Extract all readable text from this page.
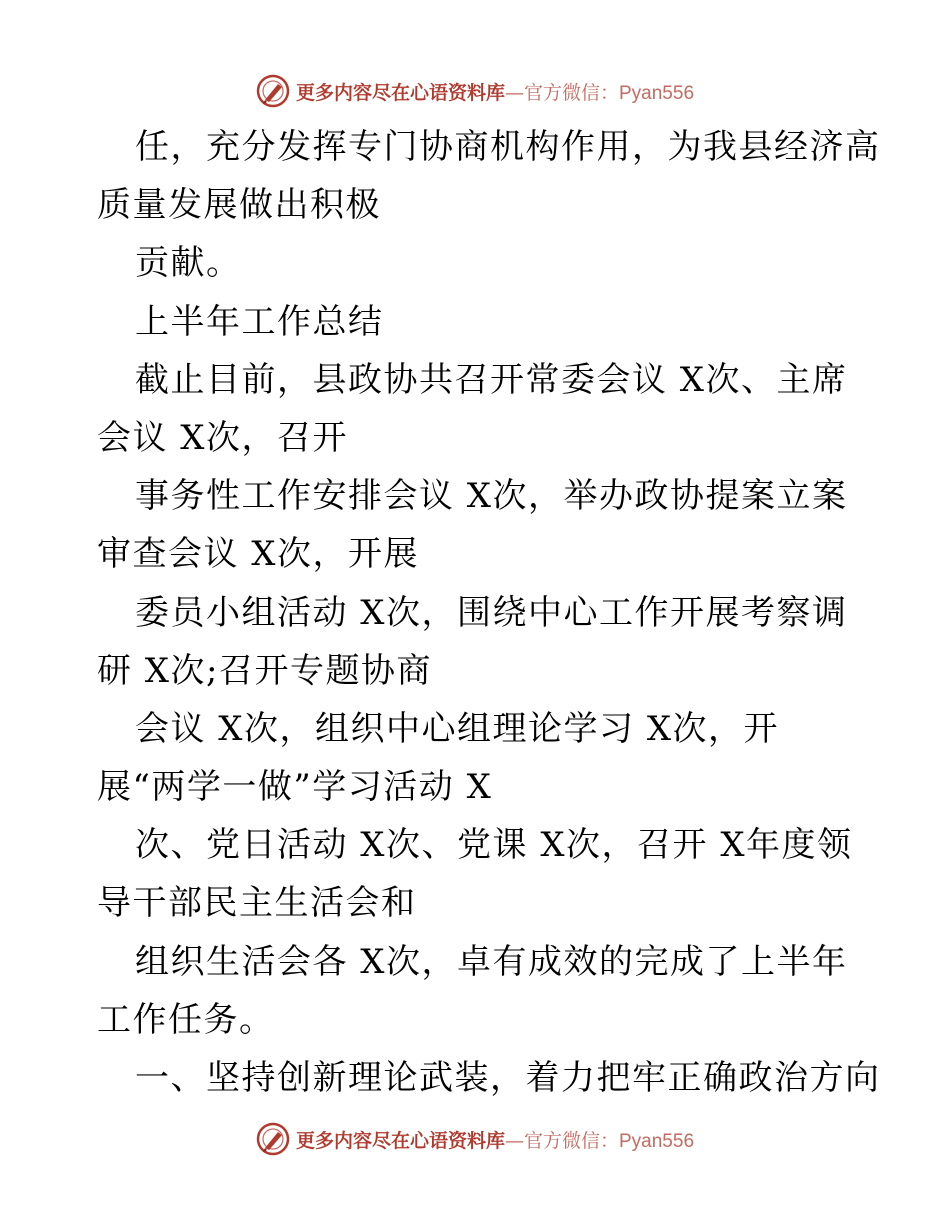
更多内容尽在心语资料库—官方微信：Pyan556
任，充分发挥专门协商机构作用，为我县经济高
质量发展做出积极
贡献。
上半年工作总结
截止目前，县政协共召开常委会议 X次、主席
会议 X次，召开
事务性工作安排会议 X次，举办政协提案立案
审查会议 X次，开展
委员小组活动 X次，围绕中心工作开展考察调
研 X次;召开专题协商
会议 X次，组织中心组理论学习 X次，开
展“两学一做”学习活动 X
次、党日活动 X次、党课 X次，召开 X年度领
导干部民主生活会和
组织生活会各 X次，卓有成效的完成了上半年
工作任务。
一、坚持创新理论武装，着力把牢正确政治方向
更多内容尽在心语资料库—官方微信：Pyan556
